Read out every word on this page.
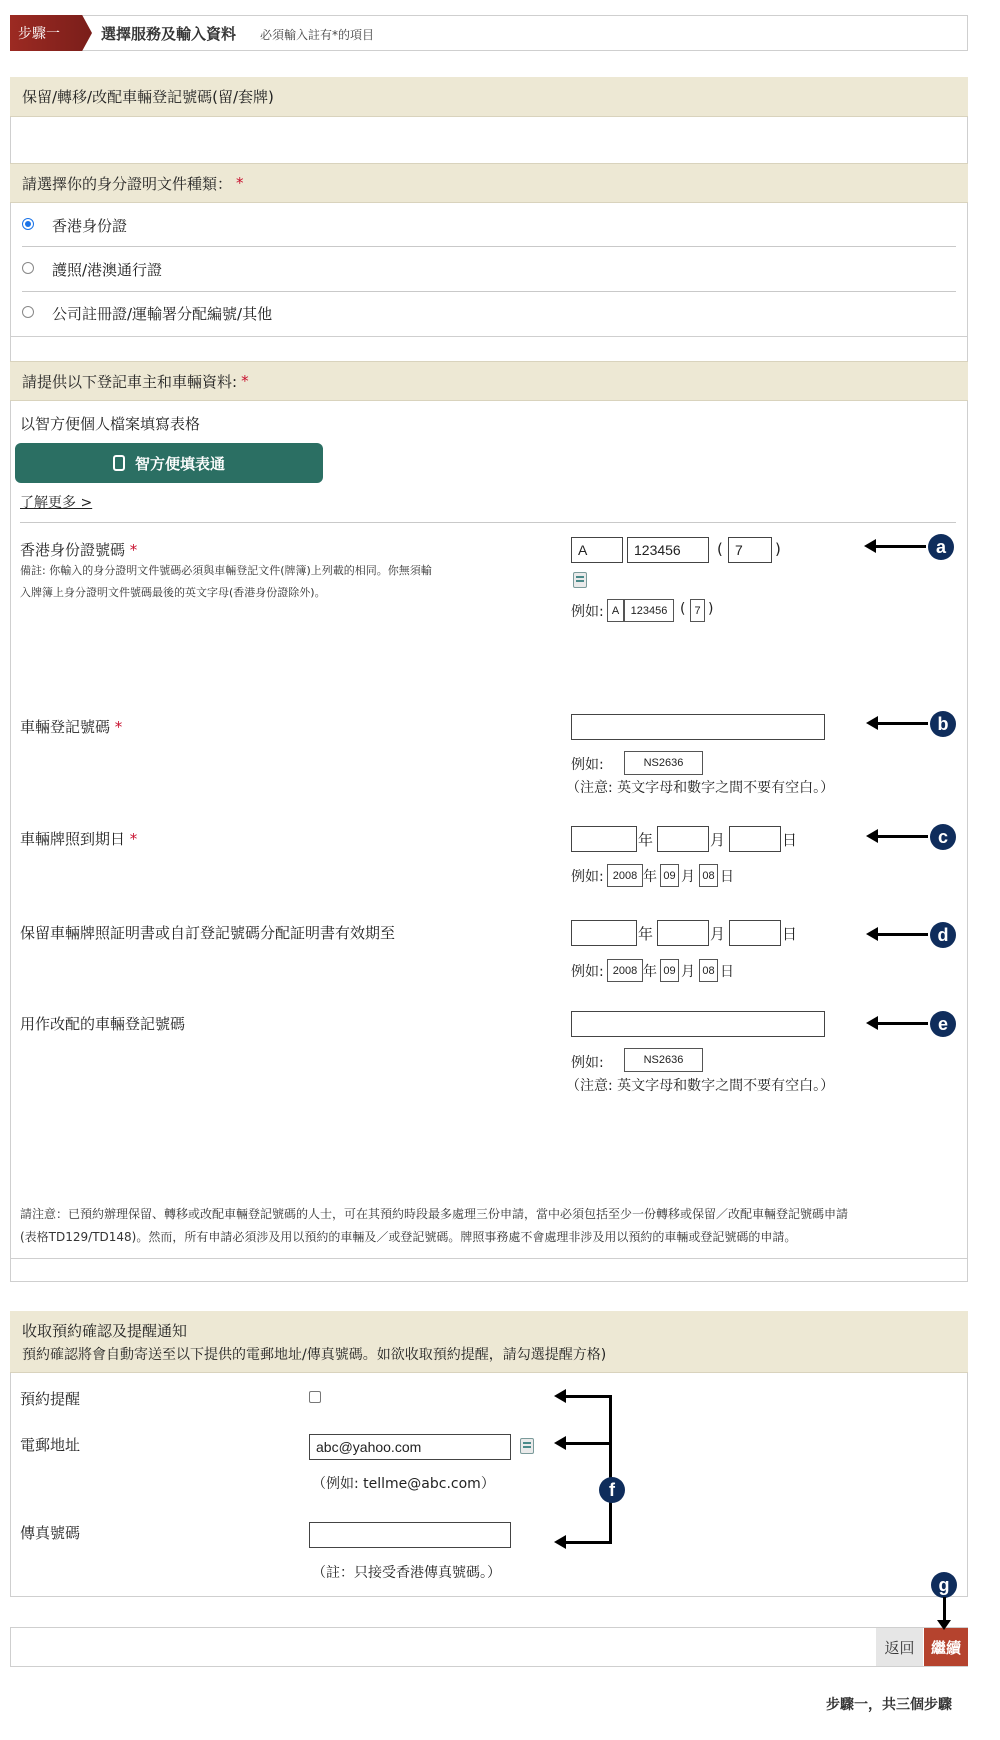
步驟一	選擇服務及輸入資料 必須輸入註有*的項目
保留/轉移/改配車輛登記號碼(留/套牌)
請選擇你的身分證明文件種類： *
香港身份證
護照/港澳通行證
公司註冊證/運輸署分配編號/其他
請提供以下登記車主和車輛資料: *
以智方便個人檔案填寫表格
智方便填表通
了解更多 >
香港身份證號碼 *
備註: 你輸入的身分證明文件號碼必須與車輛登記文件(牌簿)上列載的相同。你無須輸
入牌簿上身分證明文件號碼最後的英文字母(香港身份證除外)。
A	123456	( 7	)
例如: A	123456 ( 7 )
車輛登記號碼 *
例如:	NS2636
（注意: 英文字母和數字之間不要有空白。）
車輛牌照到期日 *	年	月	日
例如: 2008 年 09 月 08 日
保留車輛牌照証明書或自訂登記號碼分配証明書有效期至	年	月	日
例如: 2008 年 09 月 08 日
用作改配的車輛登記號碼
例如:	NS2636
（注意: 英文字母和數字之間不要有空白。）
請注意：已預約辦理保留、轉移或改配車輛登記號碼的人士，可在其預約時段最多處理三份申請，當中必須包括至少一份轉移或保留／改配車輛登記號碼申請
(表格TD129/TD148)。然而，所有申請必須涉及用以預約的車輛及／或登記號碼。牌照事務處不會處理非涉及用以預約的車輛或登記號碼的申請。
收取預約確認及提醒通知
預約確認將會自動寄送至以下提供的電郵地址/傳真號碼。如欲收取預約提醒，請勾選提醒方格)
預約提醒
電郵地址	abc@yahoo.com
（例如: tellme@abc.com）
傳真號碼
（註：只接受香港傳真號碼。）
返回 繼續
步驟一，共三個步驟
a
b
c
d
e
f
g
